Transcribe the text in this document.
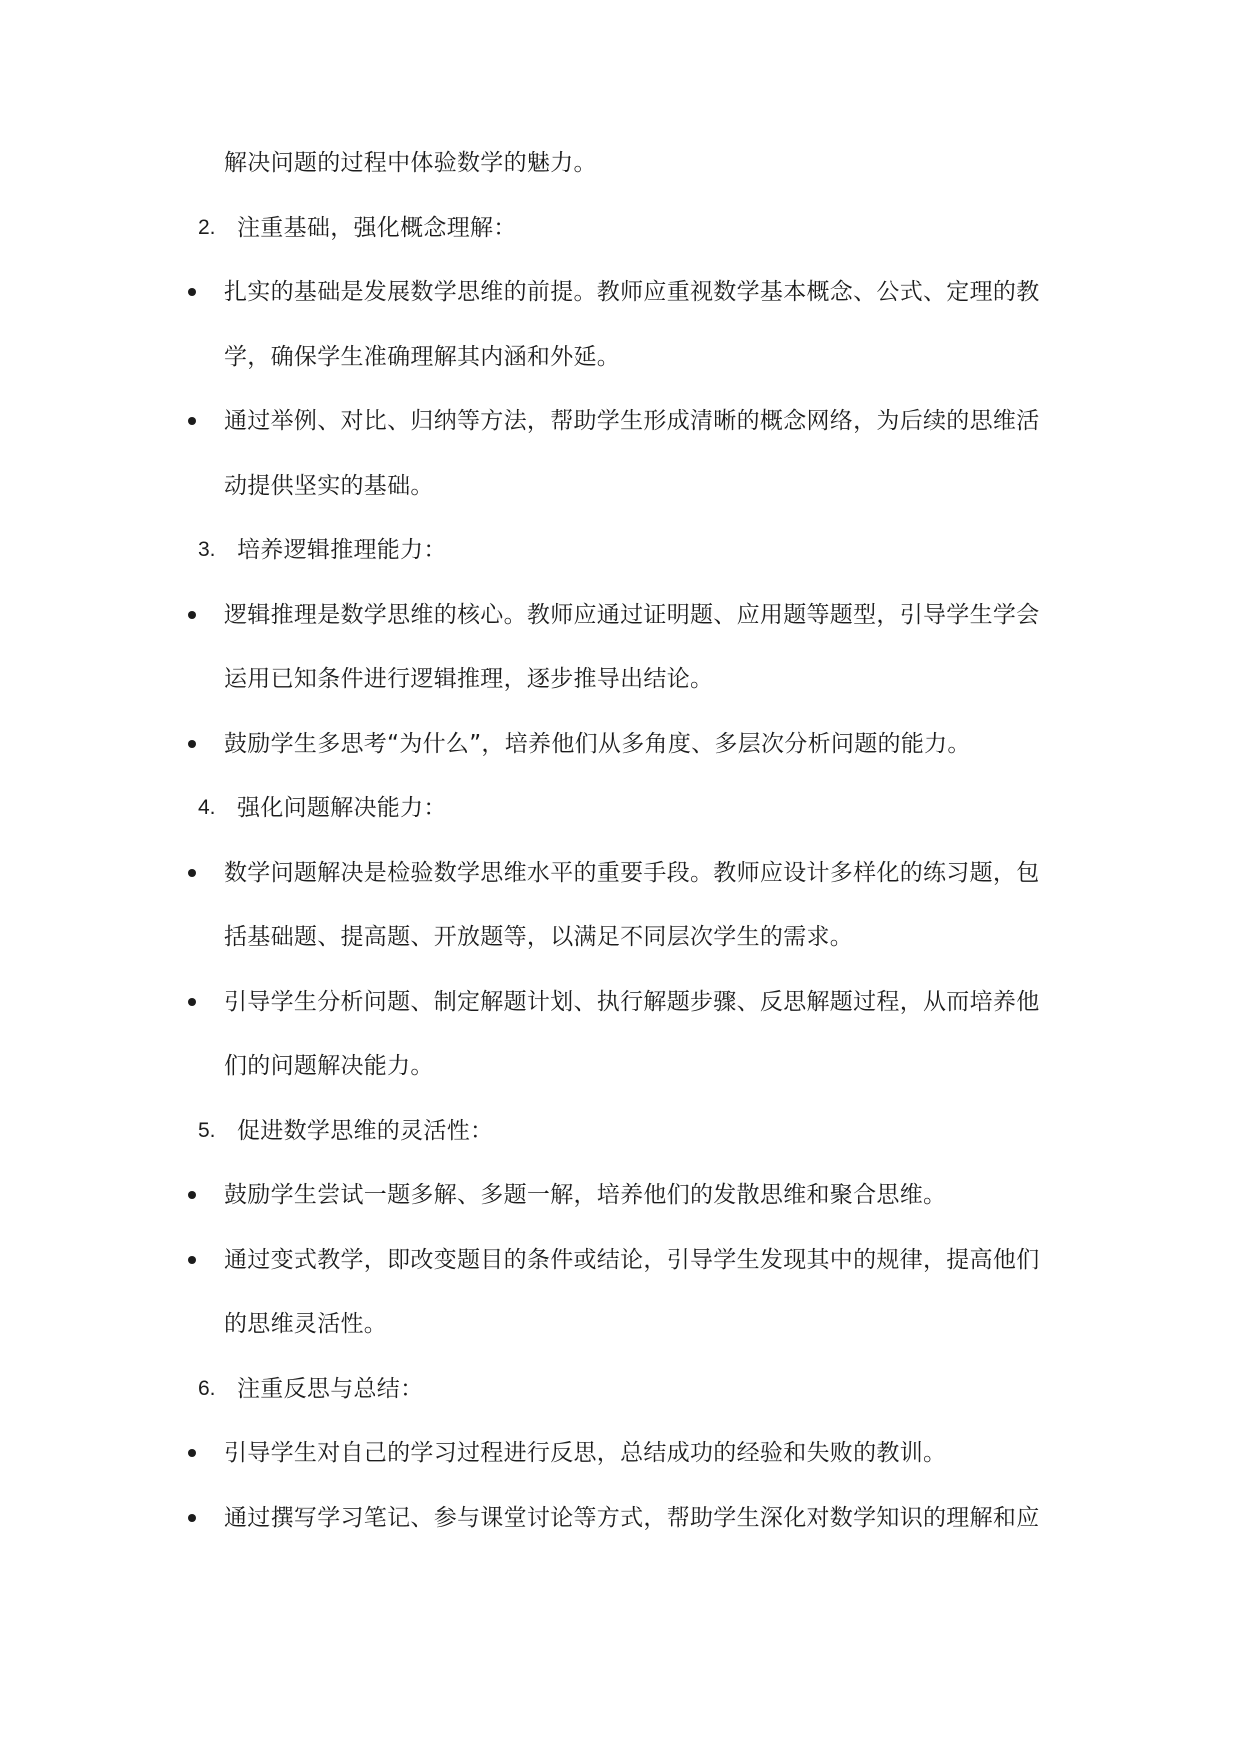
解决问题的过程中体验数学的魅力。
2. 注重基础，强化概念理解：
扎实的基础是发展数学思维的前提。教师应重视数学基本概念、公式、定理的教
学，确保学生准确理解其内涵和外延。
通过举例、对比、归纳等方法，帮助学生形成清晰的概念网络，为后续的思维活
动提供坚实的基础。
3. 培养逻辑推理能力：
逻辑推理是数学思维的核心。教师应通过证明题、应用题等题型，引导学生学会
运用已知条件进行逻辑推理，逐步推导出结论。
鼓励学生多思考“为什么”，培养他们从多角度、多层次分析问题的能力。
4. 强化问题解决能力：
数学问题解决是检验数学思维水平的重要手段。教师应设计多样化的练习题，包
括基础题、提高题、开放题等，以满足不同层次学生的需求。
引导学生分析问题、制定解题计划、执行解题步骤、反思解题过程，从而培养他
们的问题解决能力。
5. 促进数学思维的灵活性：
鼓励学生尝试一题多解、多题一解，培养他们的发散思维和聚合思维。
通过变式教学，即改变题目的条件或结论，引导学生发现其中的规律，提高他们
的思维灵活性。
6. 注重反思与总结：
引导学生对自己的学习过程进行反思，总结成功的经验和失败的教训。
通过撰写学习笔记、参与课堂讨论等方式，帮助学生深化对数学知识的理解和应
